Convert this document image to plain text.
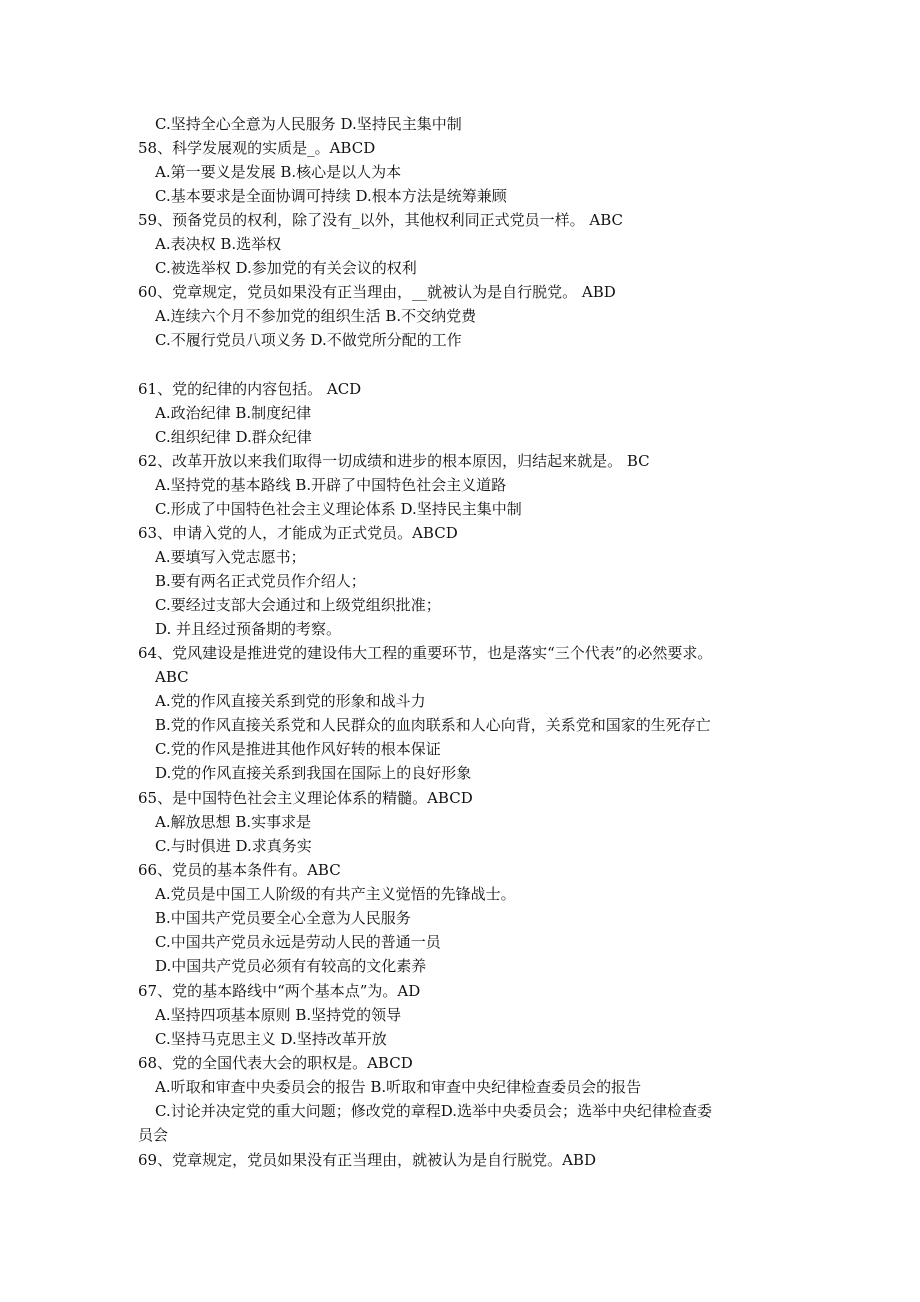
C.坚持全心全意为人民服务 D.坚持民主集中制
58、科学发展观的实质是_。ABCD
A.第一要义是发展 B.核心是以人为本
C.基本要求是全面协调可持续 D.根本方法是统筹兼顾
59、预备党员的权利，除了没有_以外，其他权利同正式党员一样。 ABC
A.表决权 B.选举权
C.被选举权 D.参加党的有关会议的权利
60、党章规定，党员如果没有正当理由，__就被认为是自行脱党。 ABD
A.连续六个月不参加党的组织生活 B.不交纳党费
C.不履行党员八项义务 D.不做党所分配的工作
61、党的纪律的内容包括。 ACD
A.政治纪律 B.制度纪律
C.组织纪律 D.群众纪律
62、改革开放以来我们取得一切成绩和进步的根本原因，归结起来就是。 BC
A.坚持党的基本路线 B.开辟了中国特色社会主义道路
C.形成了中国特色社会主义理论体系 D.坚持民主集中制
63、申请入党的人，才能成为正式党员。ABCD
A.要填写入党志愿书；
B.要有两名正式党员作介绍人；
C.要经过支部大会通过和上级党组织批准；
D. 并且经过预备期的考察。
64、党风建设是推进党的建设伟大工程的重要环节，也是落实“三个代表”的必然要求。
ABC
A.党的作风直接关系到党的形象和战斗力
B.党的作风直接关系党和人民群众的血肉联系和人心向背，关系党和国家的生死存亡
C.党的作风是推进其他作风好转的根本保证
D.党的作风直接关系到我国在国际上的良好形象
65、是中国特色社会主义理论体系的精髓。ABCD
A.解放思想 B.实事求是
C.与时俱进 D.求真务实
66、党员的基本条件有。ABC
A.党员是中国工人阶级的有共产主义觉悟的先锋战士。
B.中国共产党员要全心全意为人民服务
C.中国共产党员永远是劳动人民的普通一员
D.中国共产党员必须有有较高的文化素养
67、党的基本路线中“两个基本点”为。AD
A.坚持四项基本原则 B.坚持党的领导
C.坚持马克思主义 D.坚持改革开放
68、党的全国代表大会的职权是。ABCD
A.听取和审查中央委员会的报告 B.听取和审查中央纪律检查委员会的报告
C.讨论并决定党的重大问题；修改党的章程D.选举中央委员会；选举中央纪律检查委
员会
69、党章规定，党员如果没有正当理由，就被认为是自行脱党。ABD
